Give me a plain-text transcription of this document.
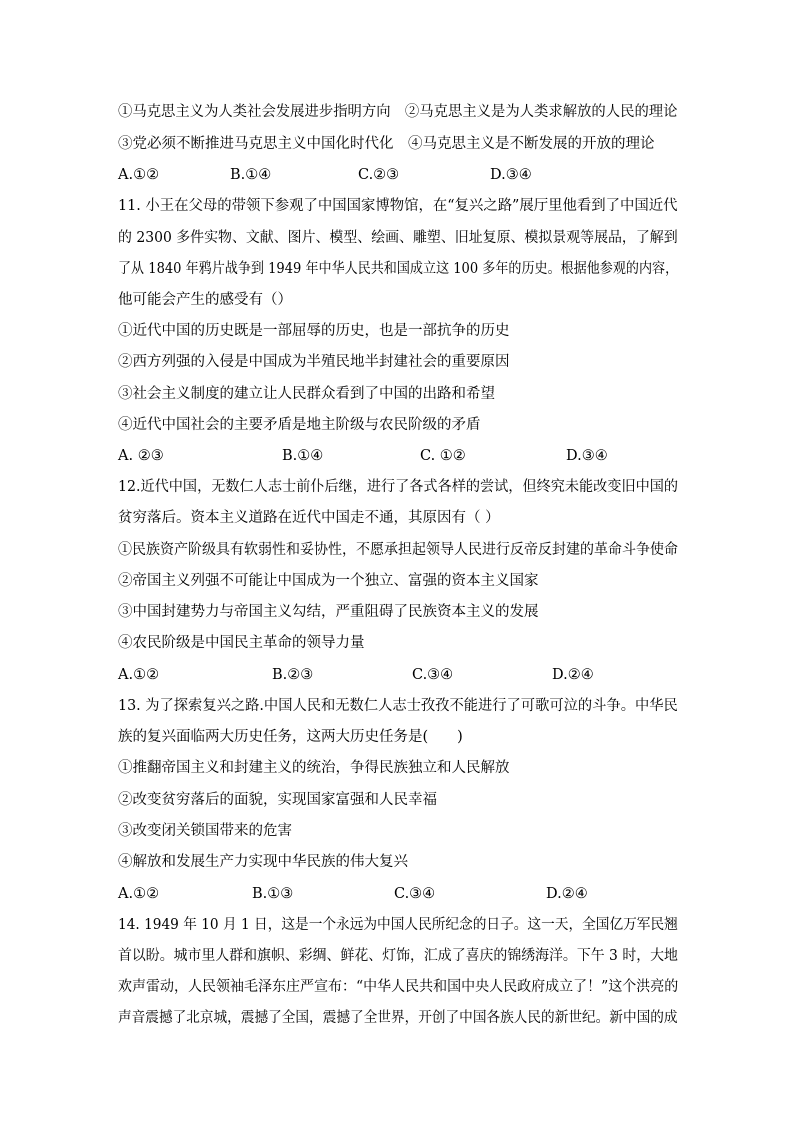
①马克思主义为人类社会发展进步指明方向　②马克思主义是为人类求解放的人民的理论
③党必须不断推进马克思主义中国化时代化　④马克思主义是不断发展的开放的理论
A.①②	B.①④	C.②③	D.③④
11. 小王在父母的带领下参观了中国国家博物馆，在“复兴之路”展厅里他看到了中国近代
的 2300 多件实物、文献、图片、模型、绘画、雕塑、旧址复原、模拟景观等展品，了解到
了从 1840 年鸦片战争到 1949 年中华人民共和国成立这 100 多年的历史。根据他参观的内容，
他可能会产生的感受有（）
①近代中国的历史既是一部屈辱的历史，也是一部抗争的历史
②西方列强的入侵是中国成为半殖民地半封建社会的重要原因
③社会主义制度的建立让人民群众看到了中国的出路和希望
④近代中国社会的主要矛盾是地主阶级与农民阶级的矛盾
A. ②③	B.①④	C. ①②	D.③④
12.近代中国，无数仁人志士前仆后继，进行了各式各样的尝试，但终究未能改变旧中国的
贫穷落后。资本主义道路在近代中国走不通，其原因有（ ）
①民族资产阶级具有软弱性和妥协性，不愿承担起领导人民进行反帝反封建的革命斗争使命
②帝国主义列强不可能让中国成为一个独立、富强的资本主义国家
③中国封建势力与帝国主义勾结，严重阻碍了民族资本主义的发展
④农民阶级是中国民主革命的领导力量
A.①②	B.②③	C.③④	D.②④
13. 为了探索复兴之路.中国人民和无数仁人志士孜孜不能进行了可歌可泣的斗争。中华民
族的复兴面临两大历史任务，这两大历史任务是(　　)
①推翻帝国主义和封建主义的统治，争得民族独立和人民解放
②改变贫穷落后的面貌，实现国家富强和人民幸福
③改变闭关锁国带来的危害
④解放和发展生产力实现中华民族的伟大复兴
A.①②	B.①③	C.③④	D.②④
14. 1949 年 10 月 1 日，这是一个永远为中国人民所纪念的日子。这一天，全国亿万军民翘
首以盼。城市里人群和旗帜、彩绸、鲜花、灯饰，汇成了喜庆的锦绣海洋。下午 3 时，大地
欢声雷动，人民领袖毛泽东庄严宣布：“中华人民共和国中央人民政府成立了！”这个洪亮的
声音震撼了北京城，震撼了全国，震撼了全世界，开创了中国各族人民的新世纪。新中国的成
